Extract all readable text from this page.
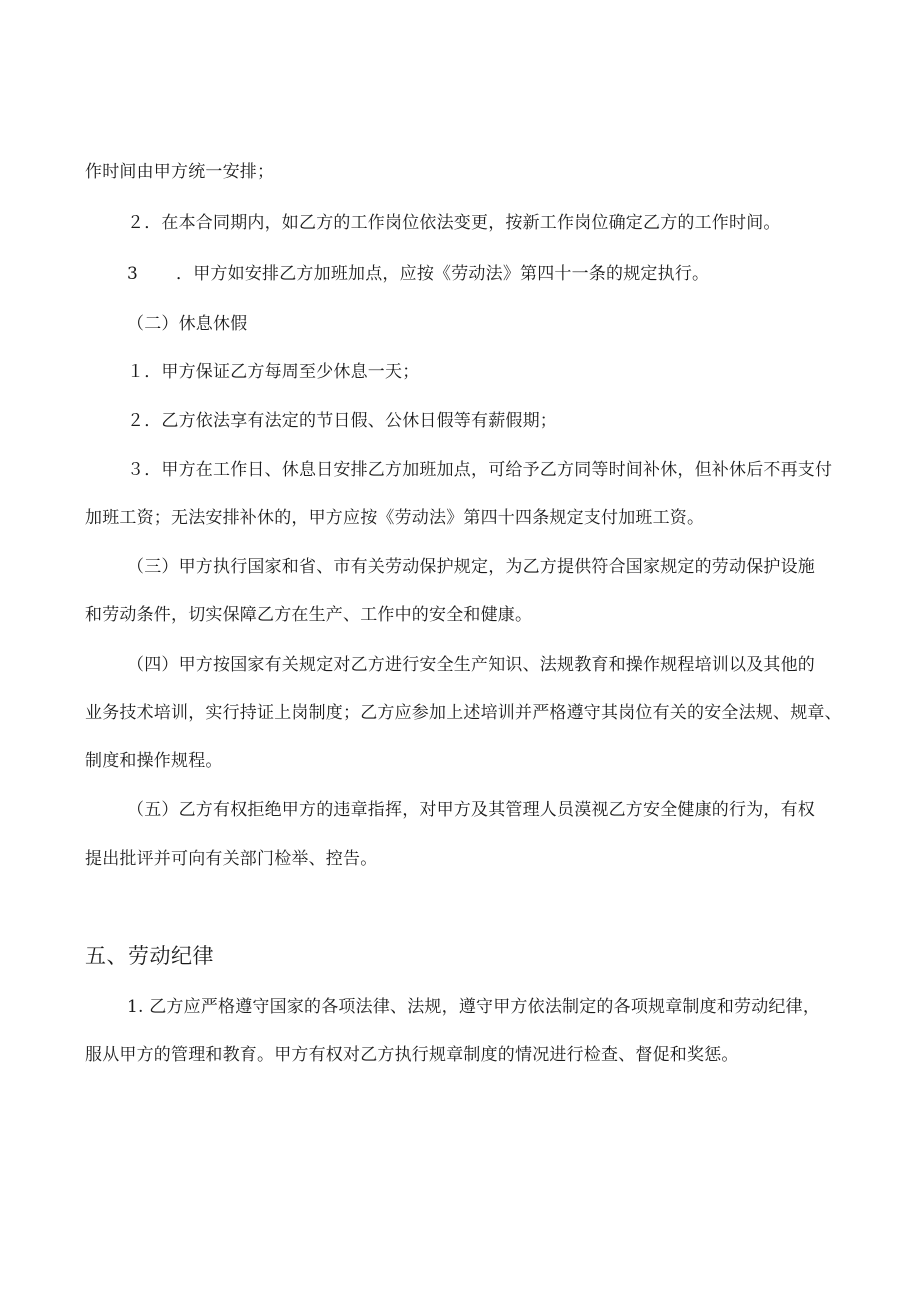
作时间由甲方统一安排；
２．在本合同期内，如乙方的工作岗位依法变更，按新工作岗位确定乙方的工作时间。
3 ．甲方如安排乙方加班加点，应按《劳动法》第四十一条的规定执行。
（二）休息休假
１．甲方保证乙方每周至少休息一天；
２．乙方依法享有法定的节日假、公休日假等有薪假期；
３．甲方在工作日、休息日安排乙方加班加点，可给予乙方同等时间补休，但补休后不再支付
加班工资；无法安排补休的，甲方应按《劳动法》第四十四条规定支付加班工资。
（三）甲方执行国家和省、市有关劳动保护规定，为乙方提供符合国家规定的劳动保护设施
和劳动条件，切实保障乙方在生产、工作中的安全和健康。
（四）甲方按国家有关规定对乙方进行安全生产知识、法规教育和操作规程培训以及其他的
业务技术培训，实行持证上岗制度；乙方应参加上述培训并严格遵守其岗位有关的安全法规、规章、
制度和操作规程。
（五）乙方有权拒绝甲方的违章指挥，对甲方及其管理人员漠视乙方安全健康的行为，有权
提出批评并可向有关部门检举、控告。
五、劳动纪律
1. 乙方应严格遵守国家的各项法律、法规，遵守甲方依法制定的各项规章制度和劳动纪律，
服从甲方的管理和教育。甲方有权对乙方执行规章制度的情况进行检查、督促和奖惩。
